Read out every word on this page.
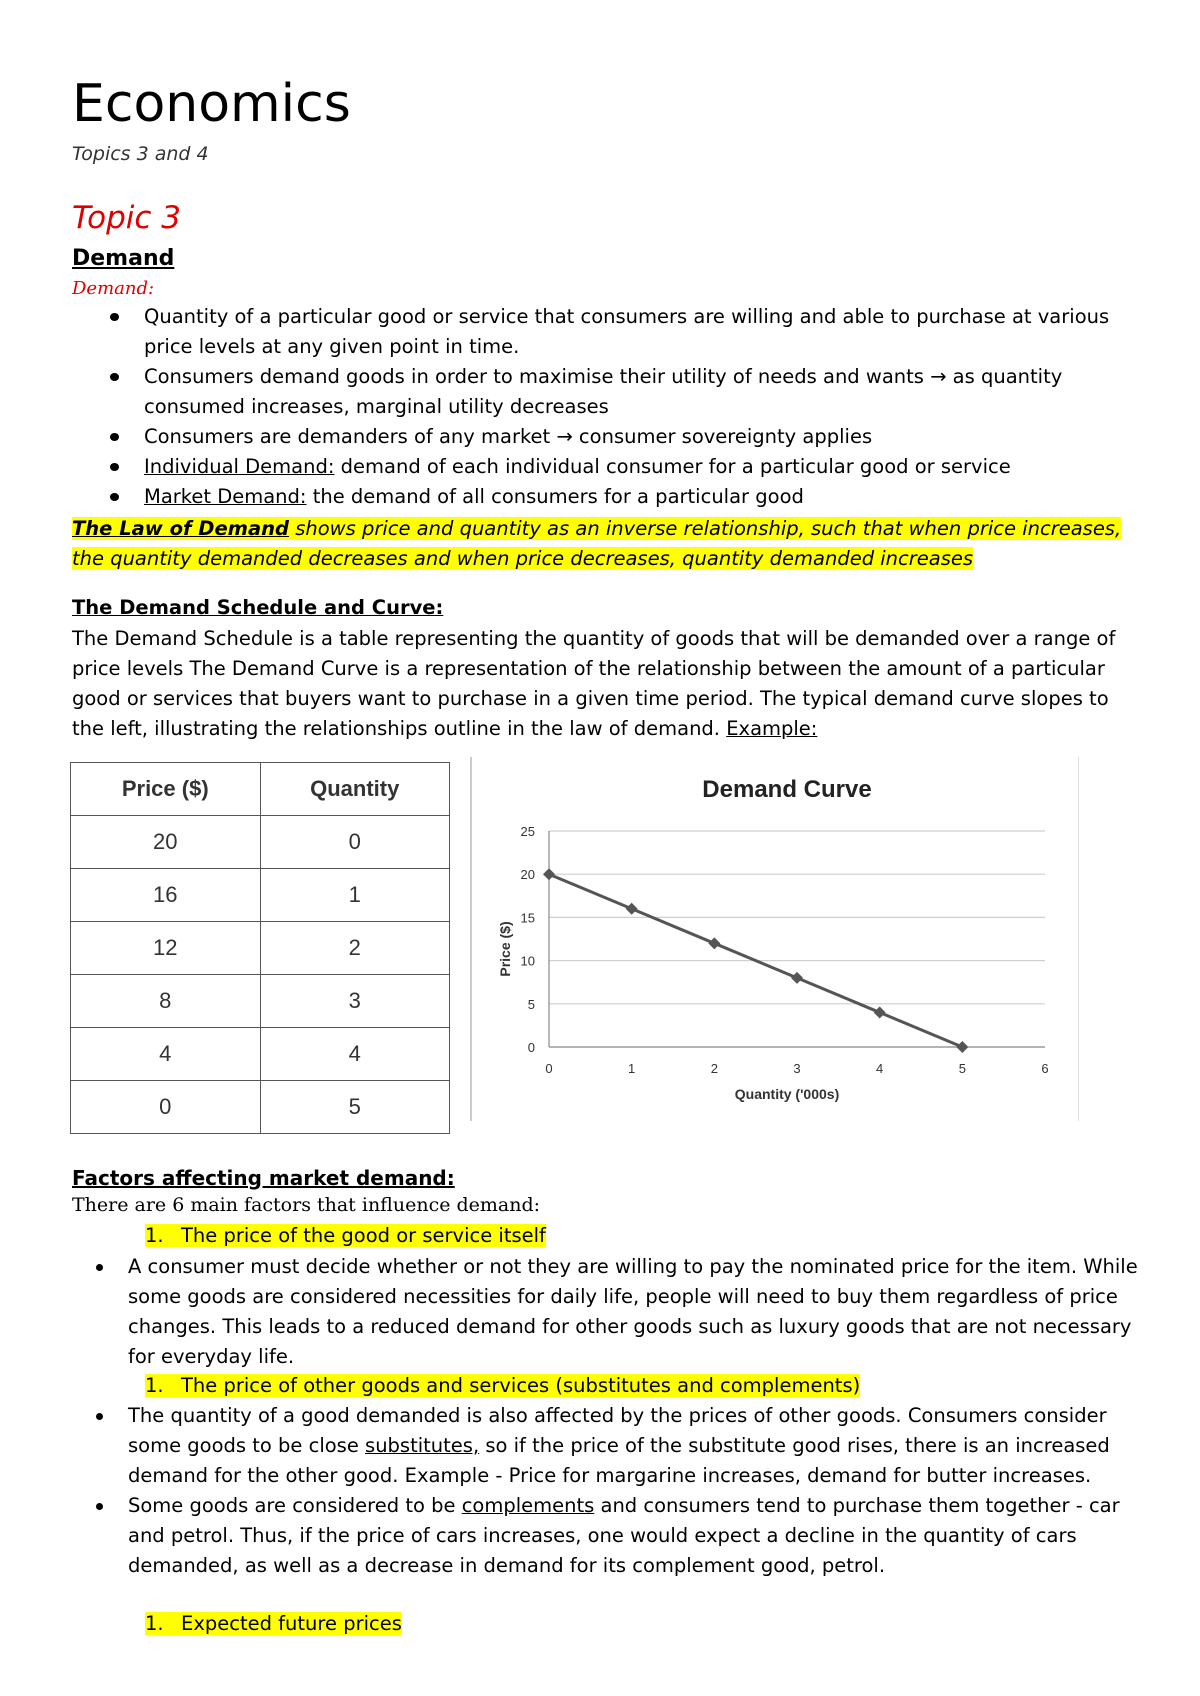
Economics
Topics 3 and 4
Topic 3
Demand
Demand:
Quantity of a particular good or service that consumers are willing and able to purchase at various price levels at any given point in time.
Consumers demand goods in order to maximise their utility of needs and wants → as quantity consumed increases, marginal utility decreases
Consumers are demanders of any market → consumer sovereignty applies
Individual Demand: demand of each individual consumer for a particular good or service
Market Demand: the demand of all consumers for a particular good
The Law of Demand shows price and quantity as an inverse relationship, such that when price increases,
the quantity demanded decreases and when price decreases, quantity demanded increases
The Demand Schedule and Curve:
The Demand Schedule is a table representing the quantity of goods that will be demanded over a range of price levels The Demand Curve is a representation of the relationship between the amount of a particular good or services that buyers want to purchase in a given time period. The typical demand curve slopes to the left, illustrating the relationships outline in the law of demand. Example:
Price ($)	Quantity
20	0
16	1
12	2
8	3
4	4
0	5
Demand Curve
0
5
10
15
20
25
0	1	2	3	4	5	6
Quantity ('000s)
Price ($)
Factors affecting market demand:
There are 6 main factors that influence demand:
1. The price of the good or service itself
A consumer must decide whether or not they are willing to pay the nominated price for the item. While some goods are considered necessities for daily life, people will need to buy them regardless of price changes. This leads to a reduced demand for other goods such as luxury goods that are not necessary for everyday life.
1. The price of other goods and services (substitutes and complements)
The quantity of a good demanded is also affected by the prices of other goods. Consumers consider some goods to be close substitutes, so if the price of the substitute good rises, there is an increased demand for the other good. Example - Price for margarine increases, demand for butter increases.
Some goods are considered to be complements and consumers tend to purchase them together - car and petrol. Thus, if the price of cars increases, one would expect a decline in the quantity of cars demanded, as well as a decrease in demand for its complement good, petrol.
1. Expected future prices
